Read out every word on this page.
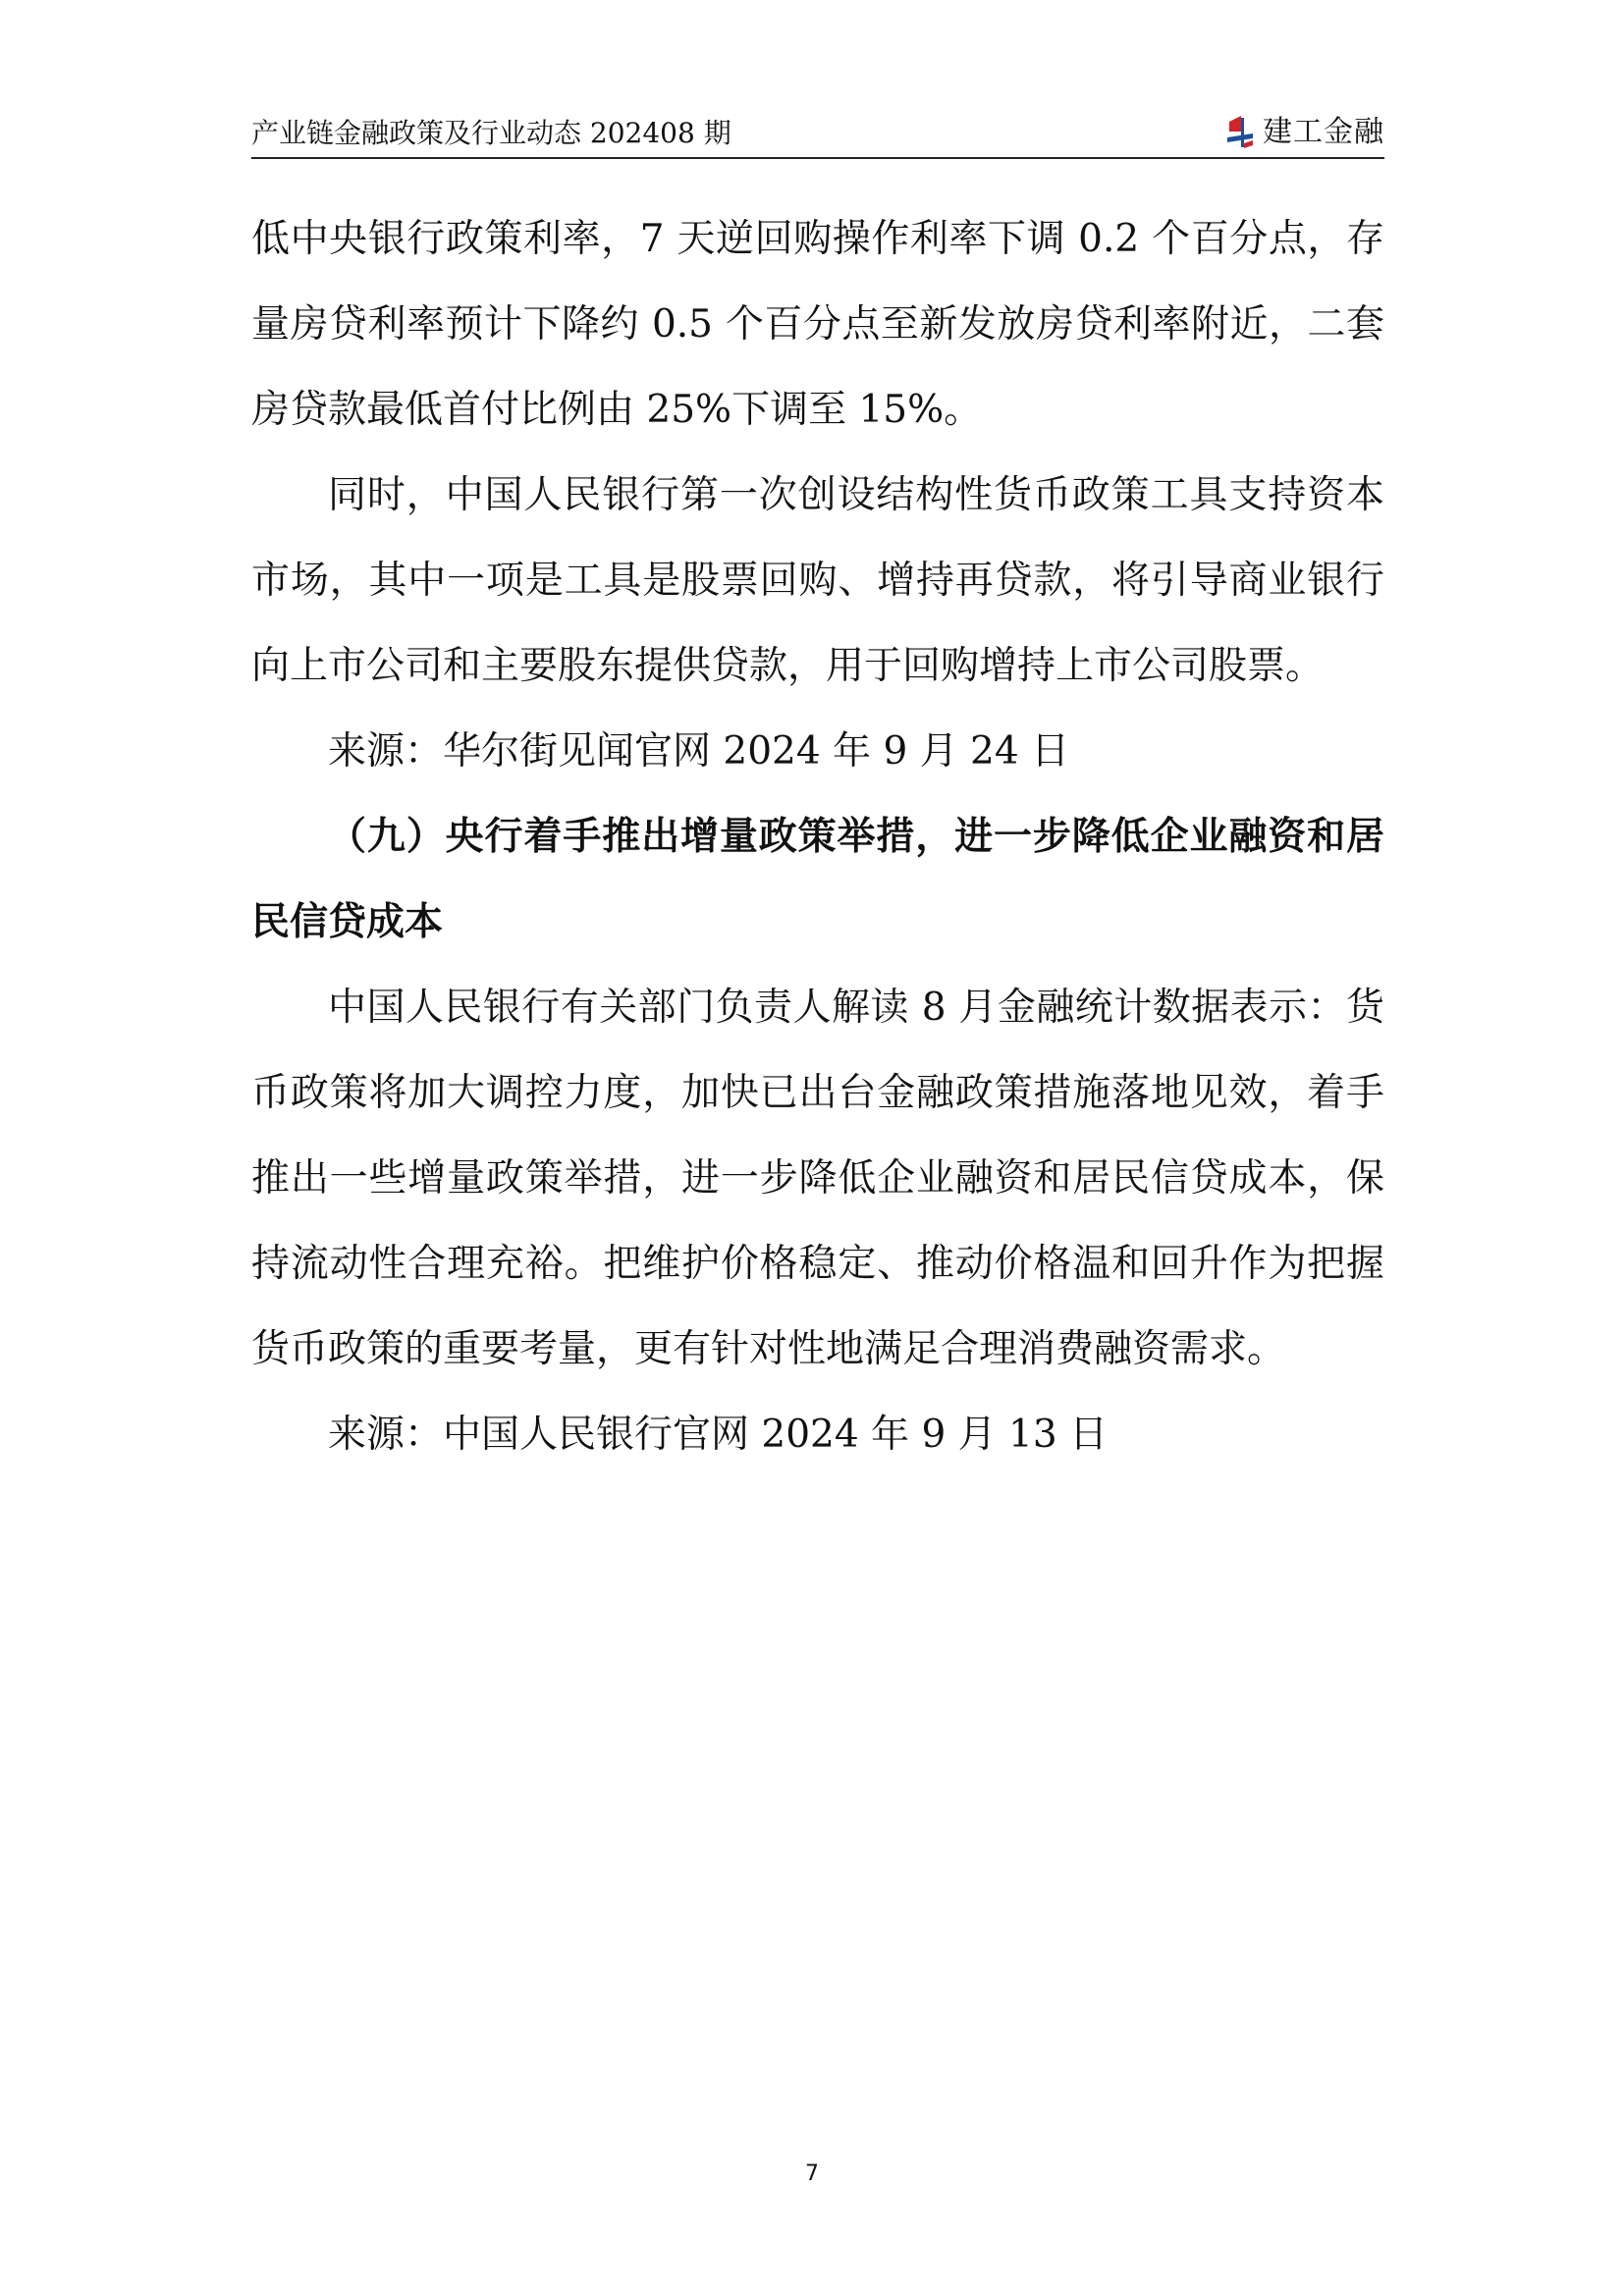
产业链金融政策及行业动态 202408 期	建工金融

低中央银行政策利率，7 天逆回购操作利率下调 0.2 个百分点，存量房贷利率预计下降约 0.5 个百分点至新发放房贷利率附近，二套房贷款最低首付比例由 25%下调至 15%。

同时，中国人民银行第一次创设结构性货币政策工具支持资本市场，其中一项是工具是股票回购、增持再贷款，将引导商业银行向上市公司和主要股东提供贷款，用于回购增持上市公司股票。

来源：华尔街见闻官网 2024 年 9 月 24 日

（九）央行着手推出增量政策举措，进一步降低企业融资和居民信贷成本

中国人民银行有关部门负责人解读 8 月金融统计数据表示：货币政策将加大调控力度，加快已出台金融政策措施落地见效，着手推出一些增量政策举措，进一步降低企业融资和居民信贷成本，保持流动性合理充裕。把维护价格稳定、推动价格温和回升作为把握货币政策的重要考量，更有针对性地满足合理消费融资需求。

来源：中国人民银行官网 2024 年 9 月 13 日

7
